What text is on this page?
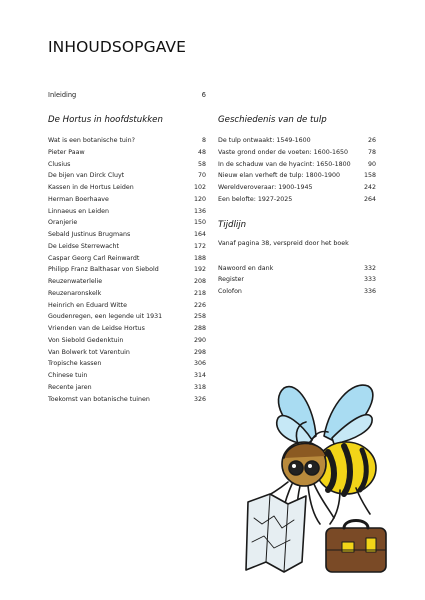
INHOUDSOPGAVE
Inleiding	6
De Hortus in hoofdstukken
Wat is een botanische tuin?	8
Pieter Paaw	48
Clusius	58
De bijen van Dirck Cluyt	70
Kassen in de Hortus Leiden	102
Herman Boerhaave	120
Linnaeus en Leiden	136
Oranjerie	150
Sebald Justinus Brugmans	164
De Leidse Sterrewacht	172
Caspar Georg Carl Reinwardt	188
Philipp Franz Balthasar von Siebold	192
Reuzenwaterlelie	208
Reuzenaronskelk	218
Heinrich en Eduard Witte	226
Goudenregen, een legende uit 1931	258
Vrienden van de Leidse Hortus	288
Von Siebold Gedenktuin	290
Van Bolwerk tot Varentuin	298
Tropische kassen	306
Chinese tuin	314
Recente jaren	318
Toekomst van botanische tuinen	326
Geschiedenis van de tulp
De tulp ontwaakt: 1549-1600	26
Vaste grond onder de voeten: 1600-1650	78
In de schaduw van de hyacint: 1650-1800	90
Nieuw elan verheft de tulp: 1800-1900	158
Wereldveroveraar: 1900-1945	242
Een belofte: 1927-2025	264
Tijdlijn
Vanaf pagina 38, verspreid door het boek
Nawoord en dank	332
Register	333
Colofon	336
